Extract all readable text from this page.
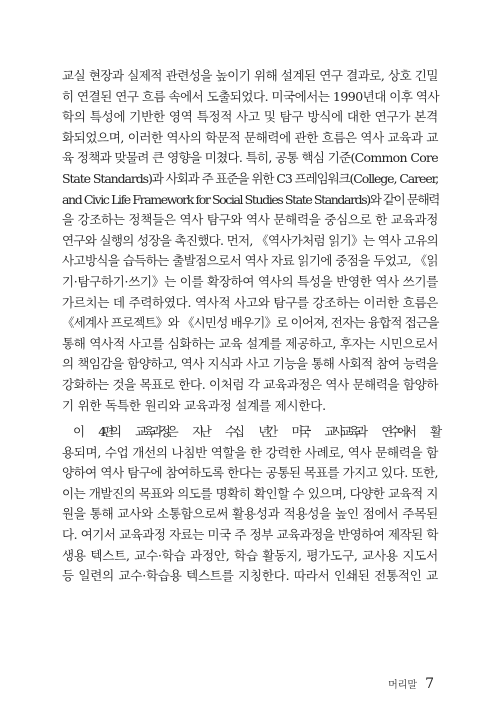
교실 현장과 실제적 관련성을 높이기 위해 설계된 연구 결과로, 상호 긴밀
히 연결된 연구 흐름 속에서 도출되었다. 미국에서는 1990년대 이후 역사
학의 특성에 기반한 영역 특정적 사고 및 탐구 방식에 대한 연구가 본격
화되었으며, 이러한 역사의 학문적 문해력에 관한 흐름은 역사 교육과 교
육 정책과 맞물려 큰 영향을 미쳤다. 특히, 공통 핵심 기준(Common Core
State Standards)과 사회과 주 표준을 위한 C3 프레임워크(College, Career,
and Civic Life Framework for Social Studies State Standards)와 같이 문해력
을 강조하는 정책들은 역사 탐구와 역사 문해력을 중심으로 한 교육과정
연구와 실행의 성장을 촉진했다. 먼저, 《역사가처럼 읽기》는 역사 고유의
사고방식을 습득하는 출발점으로서 역사 자료 읽기에 중점을 두었고, 《읽
기·탐구하기·쓰기》는 이를 확장하여 역사의 특성을 반영한 역사 쓰기를
가르치는 데 주력하였다. 역사적 사고와 탐구를 강조하는 이러한 흐름은
《세계사 프로젝트》와 《시민성 배우기》로 이어져, 전자는 융합적 접근을
통해 역사적 사고를 심화하는 교육 설계를 제공하고, 후자는 시민으로서
의 책임감을 함양하고, 역사 지식과 사고 기능을 통해 사회적 참여 능력을
강화하는 것을 목표로 한다. 이처럼 각 교육과정은 역사 문해력을 함양하
기 위한 독특한 원리와 교육과정 설계를 제시한다.
이 4편의 교육과정은 지난 수십 년간 미국 교사교육과 연수에서 활
용되며, 수업 개선의 나침반 역할을 한 강력한 사례로, 역사 문해력을 함
양하여 역사 탐구에 참여하도록 한다는 공통된 목표를 가지고 있다. 또한,
이는 개발진의 목표와 의도를 명확히 확인할 수 있으며, 다양한 교육적 지
원을 통해 교사와 소통함으로써 활용성과 적용성을 높인 점에서 주목된
다. 여기서 교육과정 자료는 미국 주 정부 교육과정을 반영하여 제작된 학
생용 텍스트, 교수·학습 과정안, 학습 활동지, 평가도구, 교사용 지도서
등 일련의 교수·학습용 텍스트를 지칭한다. 따라서 인쇄된 전통적인 교
머리말 7
